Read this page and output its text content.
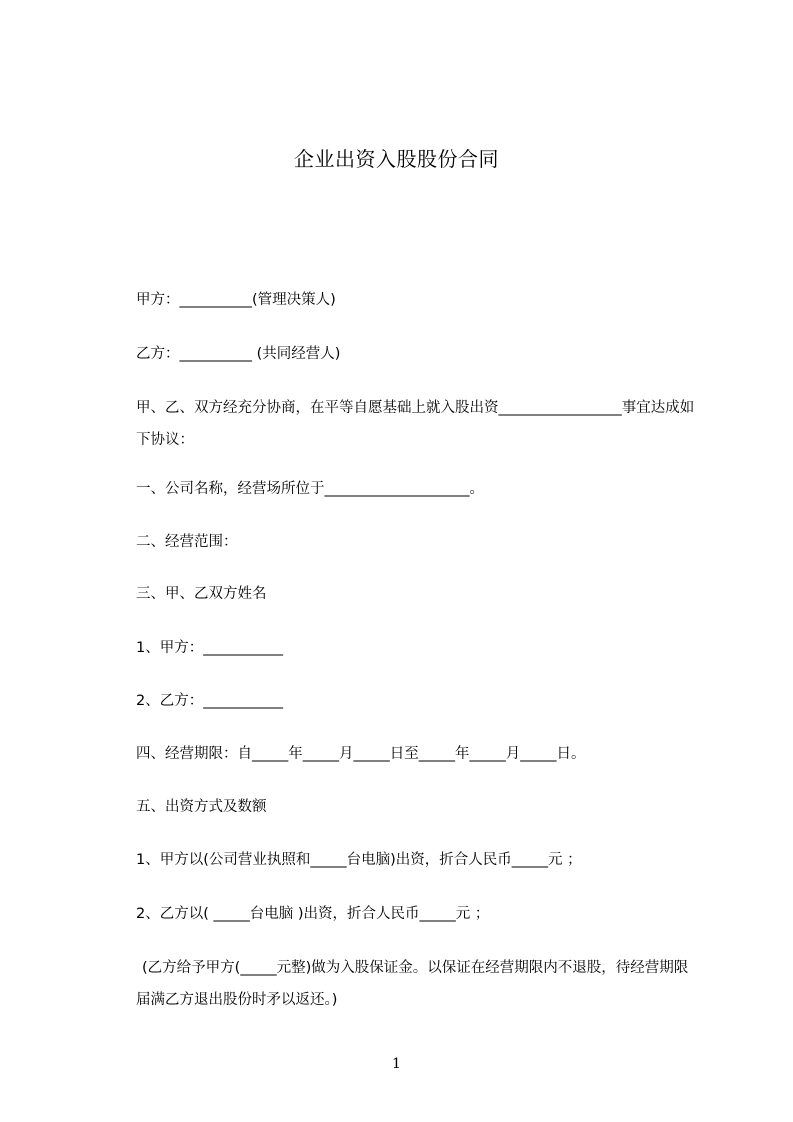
企业出资入股股份合同
甲方：__________(管理决策人)
乙方：__________ (共同经营人)
甲、乙、双方经充分协商，在平等自愿基础上就入股出资_________________事宜达成如下协议：
一、公司名称，经营场所位于____________________。
二、经营范围：
三、甲、乙双方姓名
1、甲方：___________
2、乙方：___________
四、经营期限：自_____年_____月_____日至_____年_____月_____日。
五、出资方式及数额
1、甲方以(公司营业执照和_____台电脑)出资，折合人民币_____元 ；
2、乙方以( _____台电脑 )出资，折合人民币_____元 ；
(乙方给予甲方(_____元整)做为入股保证金。以保证在经营期限内不退股，待经营期限届满乙方退出股份时矛以返还。)
1
